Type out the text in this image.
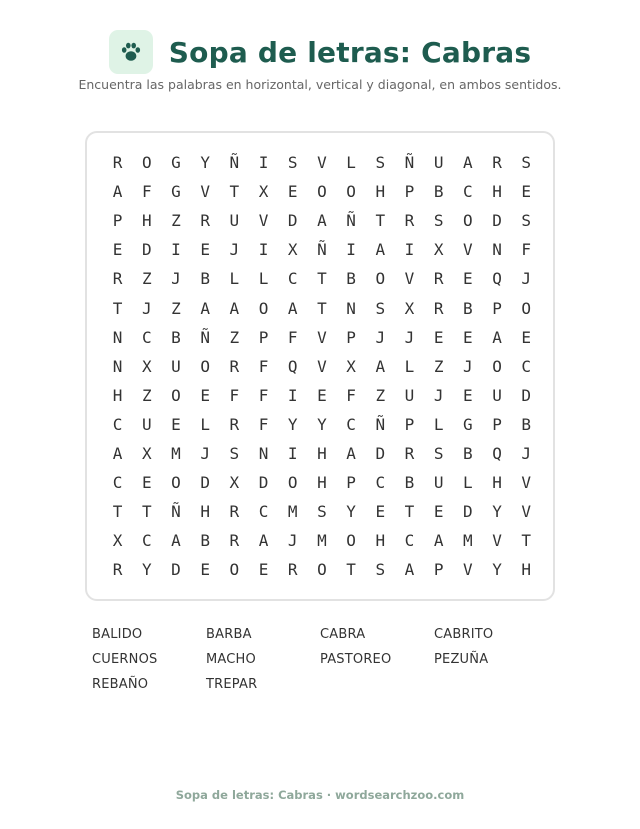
Sopa de letras: Cabras

Encuentra las palabras en horizontal, vertical y diagonal, en ambos sentidos.

R	O	G	Y	Ñ	I	S	V	L	S	Ñ	U	A	R	S
A	F	G	V	T	X	E	O	O	H	P	B	C	H	E
P	H	Z	R	U	V	D	A	Ñ	T	R	S	O	D	S
E	D	I	E	J	I	X	Ñ	I	A	I	X	V	N	F
R	Z	J	B	L	L	C	T	B	O	V	R	E	Q	J
T	J	Z	A	A	O	A	T	N	S	X	R	B	P	O
N	C	B	Ñ	Z	P	F	V	P	J	J	E	E	A	E
N	X	U	O	R	F	Q	V	X	A	L	Z	J	O	C
H	Z	O	E	F	F	I	E	F	Z	U	J	E	U	D
C	U	E	L	R	F	Y	Y	C	Ñ	P	L	G	P	B
A	X	M	J	S	N	I	H	A	D	R	S	B	Q	J
C	E	O	D	X	D	O	H	P	C	B	U	L	H	V
T	T	Ñ	H	R	C	M	S	Y	E	T	E	D	Y	V
X	C	A	B	R	A	J	M	O	H	C	A	M	V	T
R	Y	D	E	O	E	R	O	T	S	A	P	V	Y	H
BALIDO	BARBA	CABRA	CABRITO
CUERNOS	MACHO	PASTOREO	PEZUÑA
REBAÑO	TREPAR
Sopa de letras: Cabras · wordsearchzoo.com
